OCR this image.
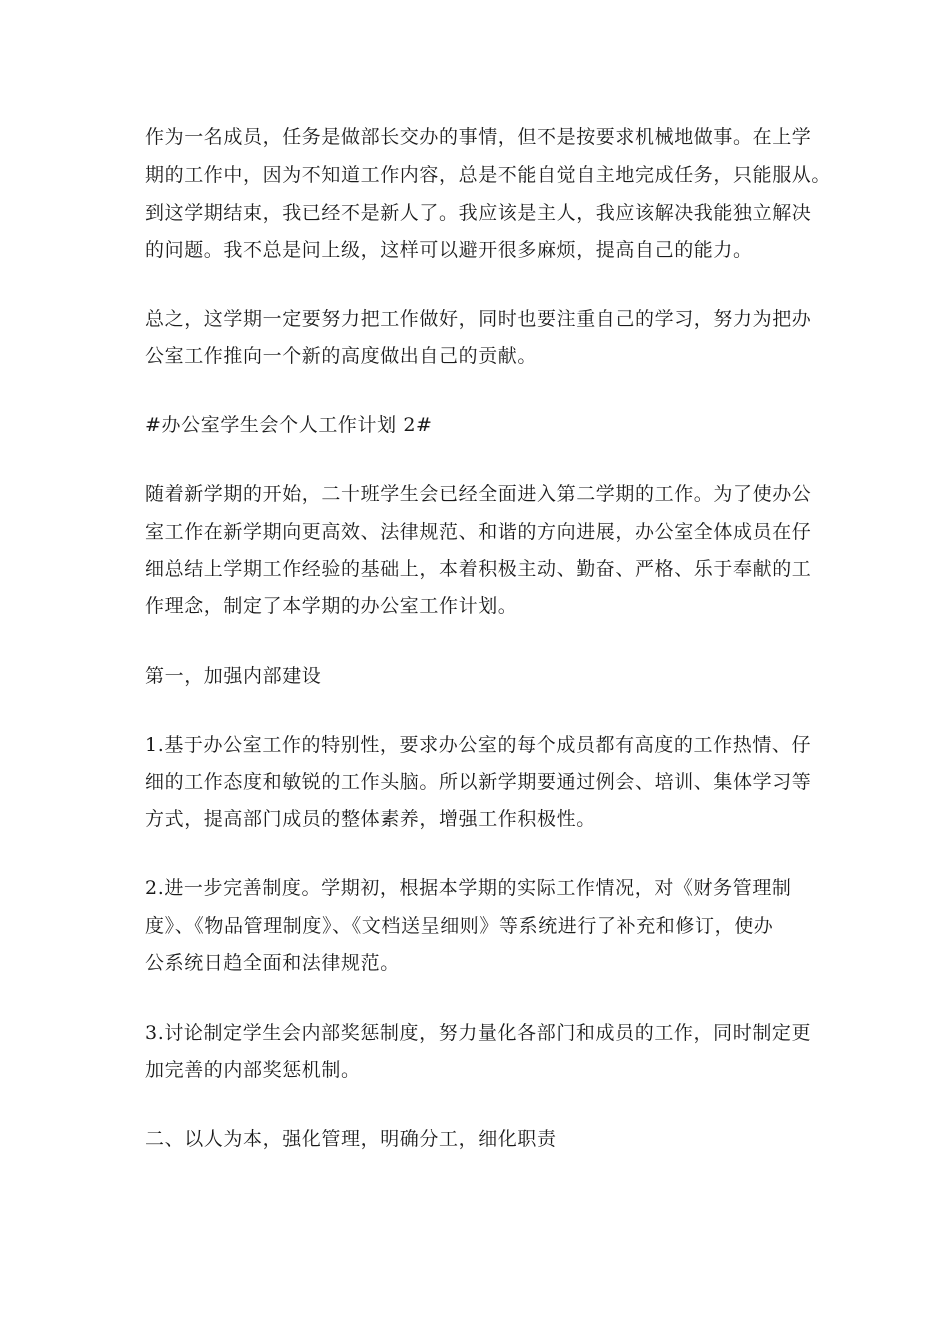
作为一名成员，任务是做部长交办的事情，但不是按要求机械地做事。在上学
期的工作中，因为不知道工作内容，总是不能自觉自主地完成任务，只能服从。
到这学期结束，我已经不是新人了。我应该是主人，我应该解决我能独立解决
的问题。我不总是问上级，这样可以避开很多麻烦，提高自己的能力。
总之，这学期一定要努力把工作做好，同时也要注重自己的学习，努力为把办
公室工作推向一个新的高度做出自己的贡献。
#办公室学生会个人工作计划 2#
随着新学期的开始，二十班学生会已经全面进入第二学期的工作。为了使办公
室工作在新学期向更高效、法律规范、和谐的方向进展，办公室全体成员在仔
细总结上学期工作经验的基础上，本着积极主动、勤奋、严格、乐于奉献的工
作理念，制定了本学期的办公室工作计划。
第一，加强内部建设
1.基于办公室工作的特别性，要求办公室的每个成员都有高度的工作热情、仔
细的工作态度和敏锐的工作头脑。所以新学期要通过例会、培训、集体学习等
方式，提高部门成员的整体素养，增强工作积极性。
2.进一步完善制度。学期初，根据本学期的实际工作情况，对《财务管理制
度》、《物品管理制度》、《文档送呈细则》等系统进行了补充和修订，使办
公系统日趋全面和法律规范。
3.讨论制定学生会内部奖惩制度，努力量化各部门和成员的工作，同时制定更
加完善的内部奖惩机制。
二、以人为本，强化管理，明确分工，细化职责
